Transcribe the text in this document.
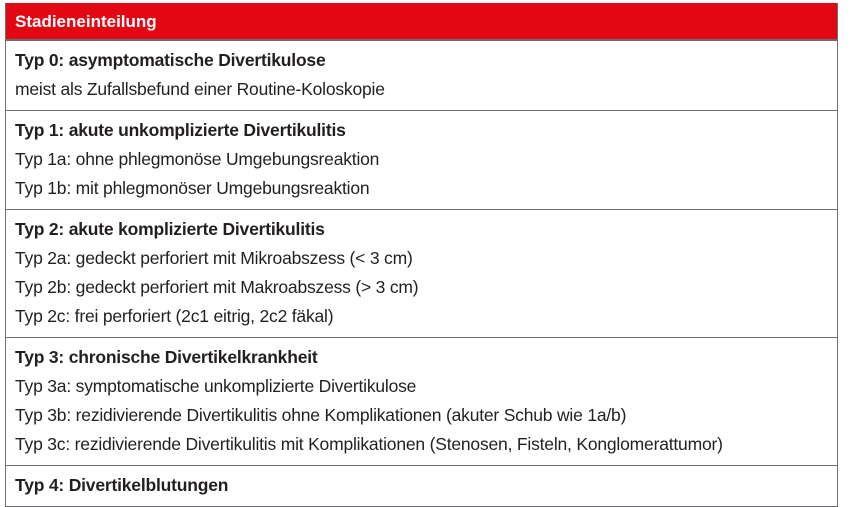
Stadieneinteilung
Typ 0: asymptomatische Divertikulose
meist als Zufallsbefund einer Routine-Koloskopie
Typ 1: akute unkomplizierte Divertikulitis
Typ 1a: ohne phlegmonöse Umgebungsreaktion
Typ 1b: mit phlegmonöser Umgebungsreaktion
Typ 2: akute komplizierte Divertikulitis
Typ 2a: gedeckt perforiert mit Mikroabszess (< 3 cm)
Typ 2b: gedeckt perforiert mit Makroabszess (> 3 cm)
Typ 2c: frei perforiert (2c1 eitrig, 2c2 fäkal)
Typ 3: chronische Divertikelkrankheit
Typ 3a: symptomatische unkomplizierte Divertikulose
Typ 3b: rezidivierende Divertikulitis ohne Komplikationen (akuter Schub wie 1a/b)
Typ 3c: rezidivierende Divertikulitis mit Komplikationen (Stenosen, Fisteln, Konglomerattumor)
Typ 4: Divertikelblutungen
